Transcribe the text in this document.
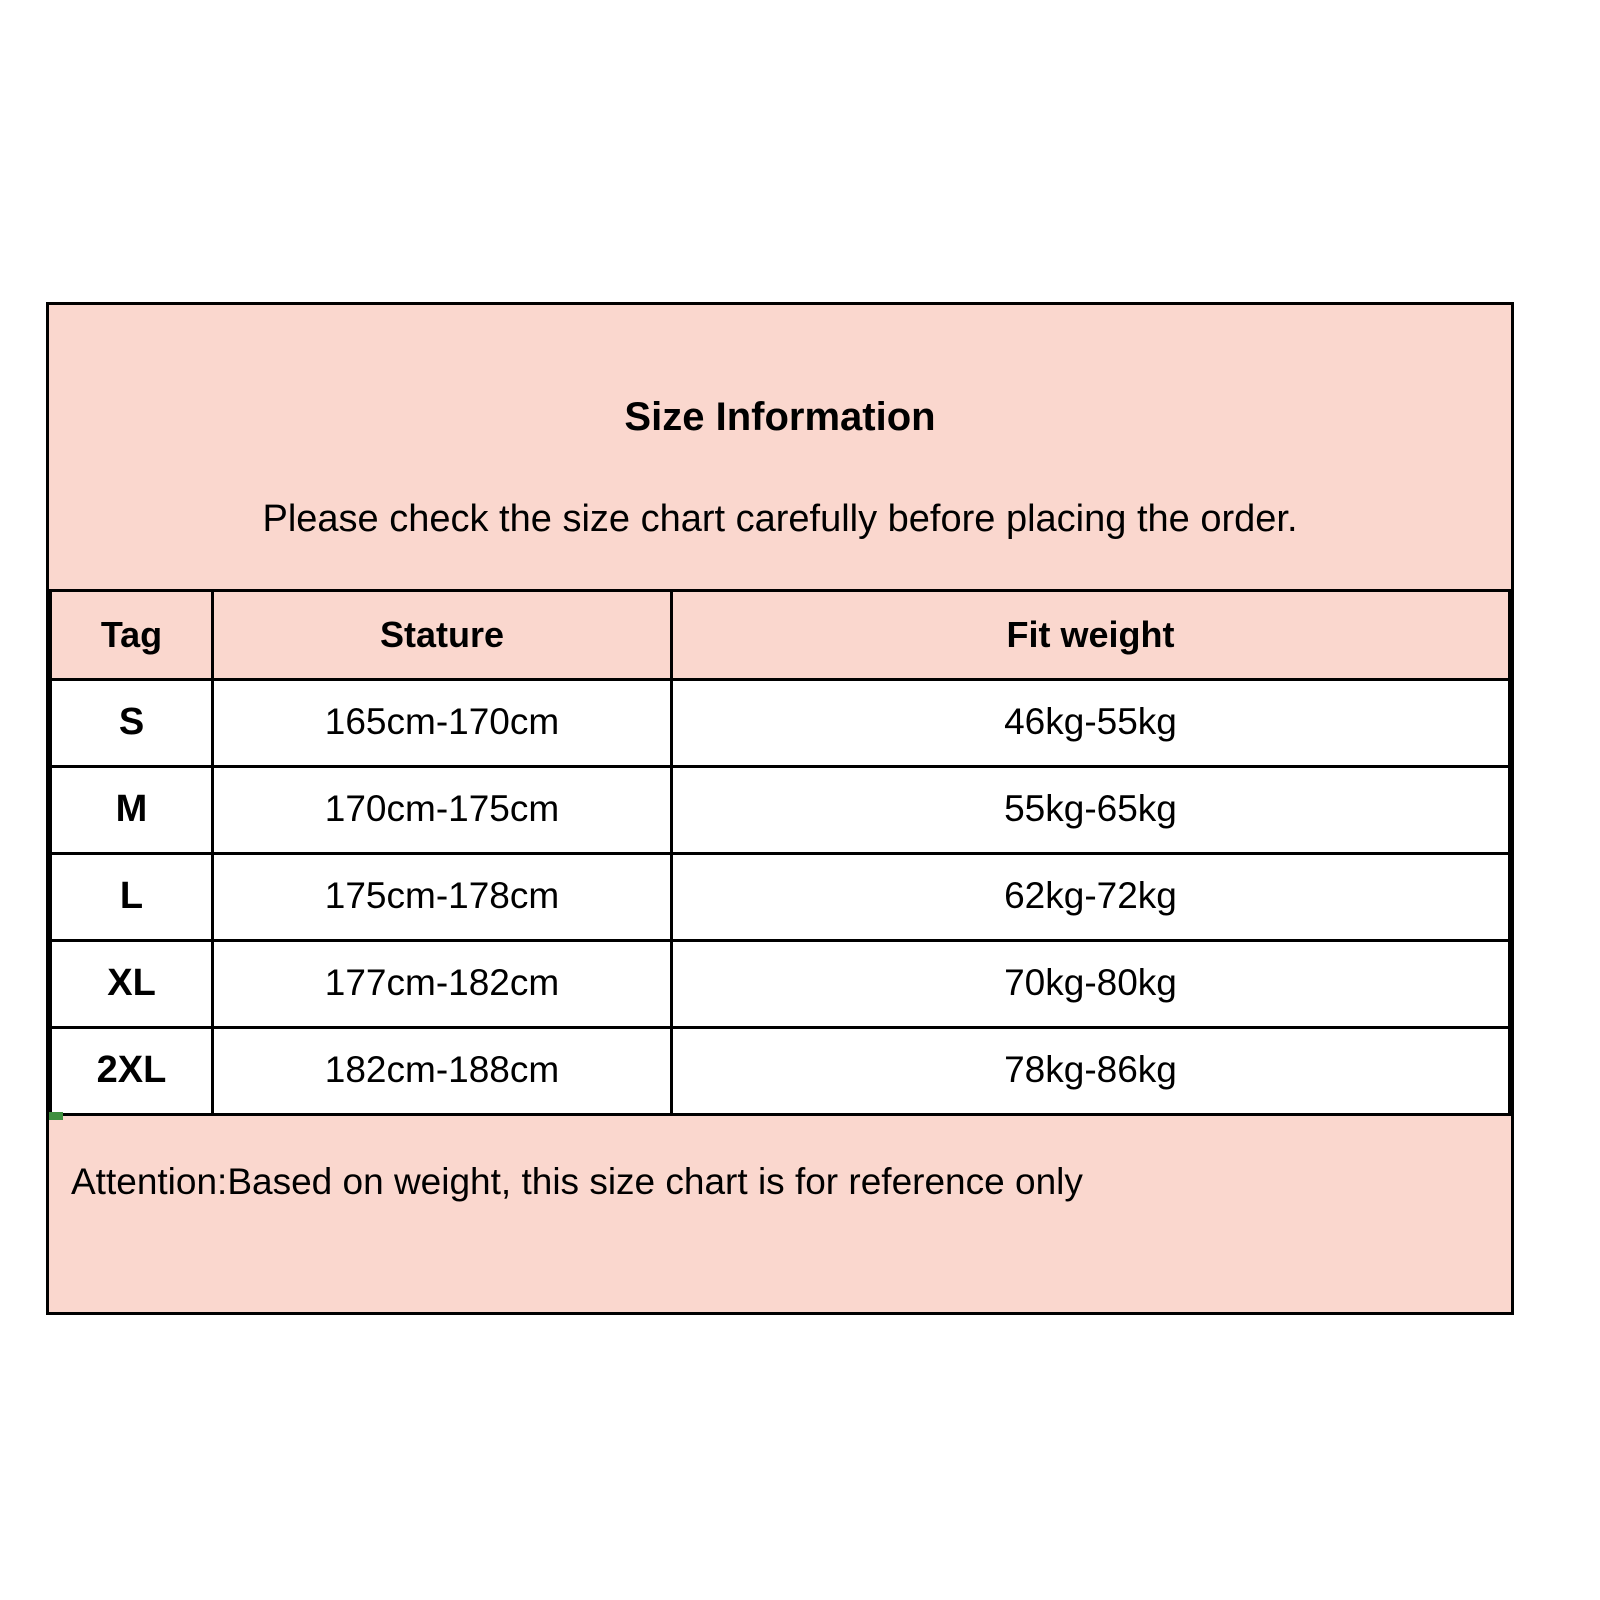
Size Information
Please check the size chart carefully before placing the order.
Tag	Stature	Fit weight
S	165cm-170cm	46kg-55kg
M	170cm-175cm	55kg-65kg
L	175cm-178cm	62kg-72kg
XL	177cm-182cm	70kg-80kg
2XL	182cm-188cm	78kg-86kg
Attention:Based on weight, this size chart is for reference only
